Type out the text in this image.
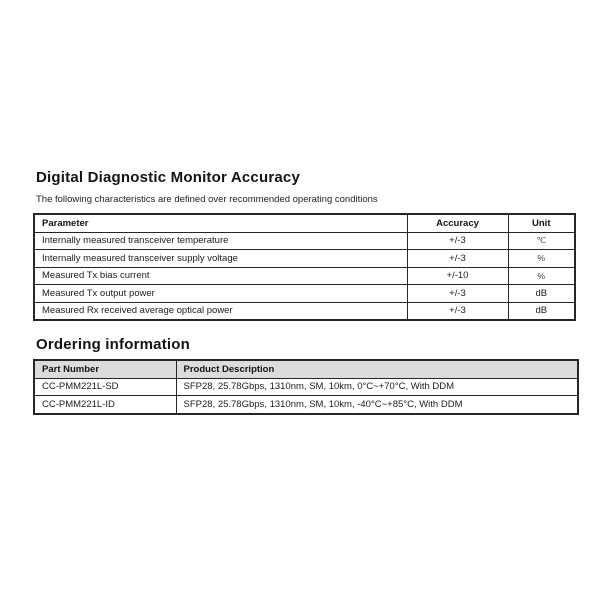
Digital Diagnostic Monitor Accuracy

The following characteristics are defined over recommended operating conditions

Parameter	Accuracy	Unit
Internally measured transceiver temperature	+/-3	℃
Internally measured transceiver supply voltage	+/-3	%
Measured Tx bias current	+/-10	%
Measured Tx output power	+/-3	dB
Measured Rx received average optical power	+/-3	dB
Ordering information
Part Number	Product Description
CC-PMM221L-SD	SFP28, 25.78Gbps, 1310nm, SM, 10km, 0°C~+70°C, With DDM
CC-PMM221L-ID	SFP28, 25.78Gbps, 1310nm, SM, 10km, -40°C~+85°C, With DDM
